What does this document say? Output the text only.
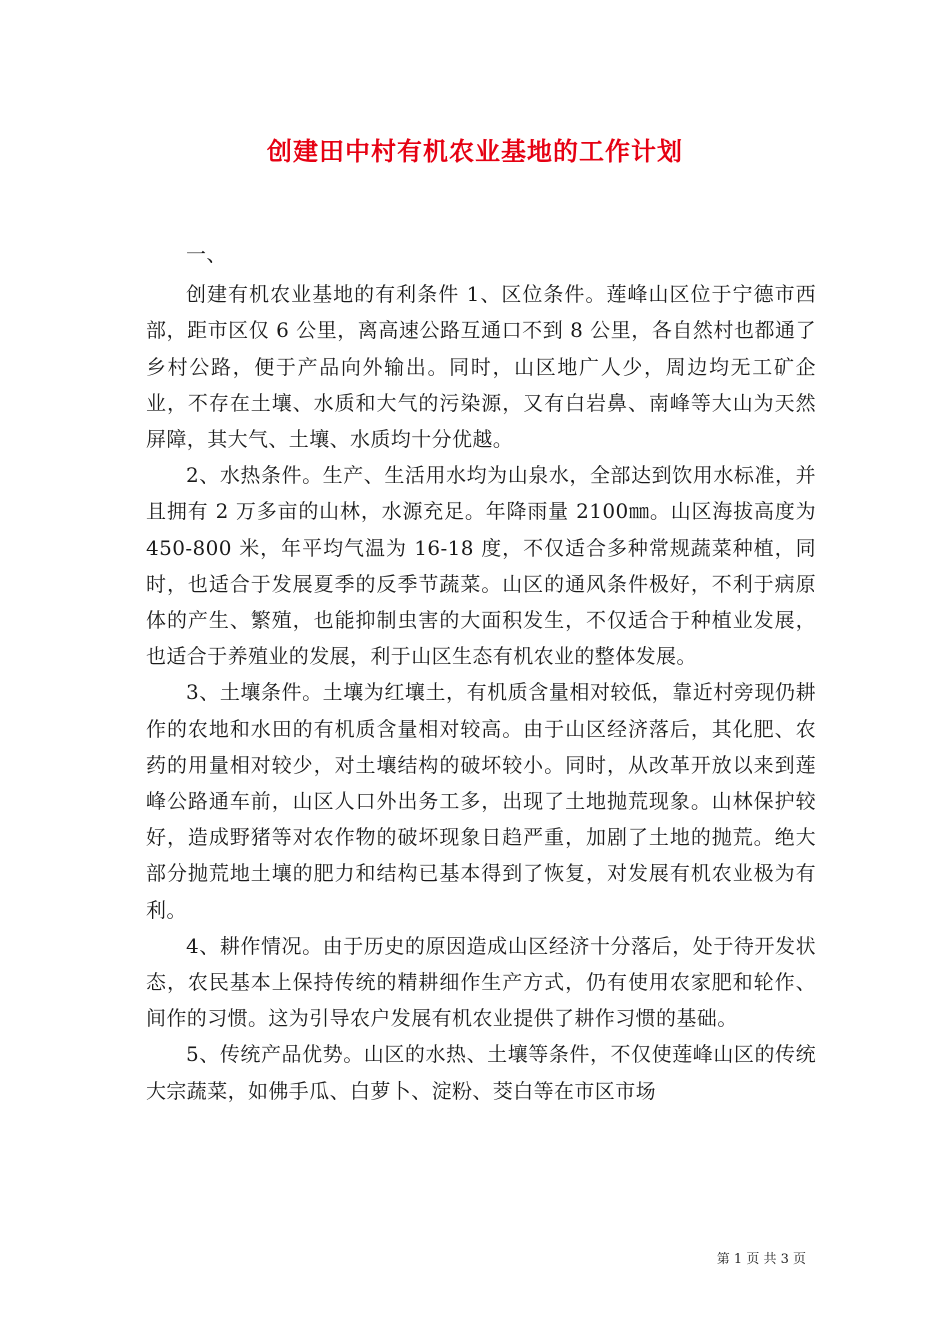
创建田中村有机农业基地的工作计划

一、

创建有机农业基地的有利条件 1、区位条件。莲峰山区位于宁德市西部，距市区仅 6 公里，离高速公路互通口不到 8 公里，各自然村也都通了乡村公路，便于产品向外输出。同时，山区地广人少，周边均无工矿企业，不存在土壤、水质和大气的污染源，又有白岩鼻、南峰等大山为天然屏障，其大气、土壤、水质均十分优越。

2、水热条件。生产、生活用水均为山泉水，全部达到饮用水标准，并且拥有 2 万多亩的山林，水源充足。年降雨量 2100㎜。山区海拔高度为 450-800 米，年平均气温为 16-18 度，不仅适合多种常规蔬菜种植，同时，也适合于发展夏季的反季节蔬菜。山区的通风条件极好，不利于病原体的产生、繁殖，也能抑制虫害的大面积发生，不仅适合于种植业发展，也适合于养殖业的发展，利于山区生态有机农业的整体发展。

3、土壤条件。土壤为红壤土，有机质含量相对较低，靠近村旁现仍耕作的农地和水田的有机质含量相对较高。由于山区经济落后，其化肥、农药的用量相对较少，对土壤结构的破坏较小。同时，从改革开放以来到莲峰公路通车前，山区人口外出务工多，出现了土地抛荒现象。山林保护较好，造成野猪等对农作物的破坏现象日趋严重，加剧了土地的抛荒。绝大部分抛荒地土壤的肥力和结构已基本得到了恢复，对发展有机农业极为有利。

4、耕作情况。由于历史的原因造成山区经济十分落后，处于待开发状态，农民基本上保持传统的精耕细作生产方式，仍有使用农家肥和轮作、间作的习惯。这为引导农户发展有机农业提供了耕作习惯的基础。

5、传统产品优势。山区的水热、土壤等条件，不仅使莲峰山区的传统大宗蔬菜，如佛手瓜、白萝卜、淀粉、茭白等在市区市场

第 1 页 共 3 页
